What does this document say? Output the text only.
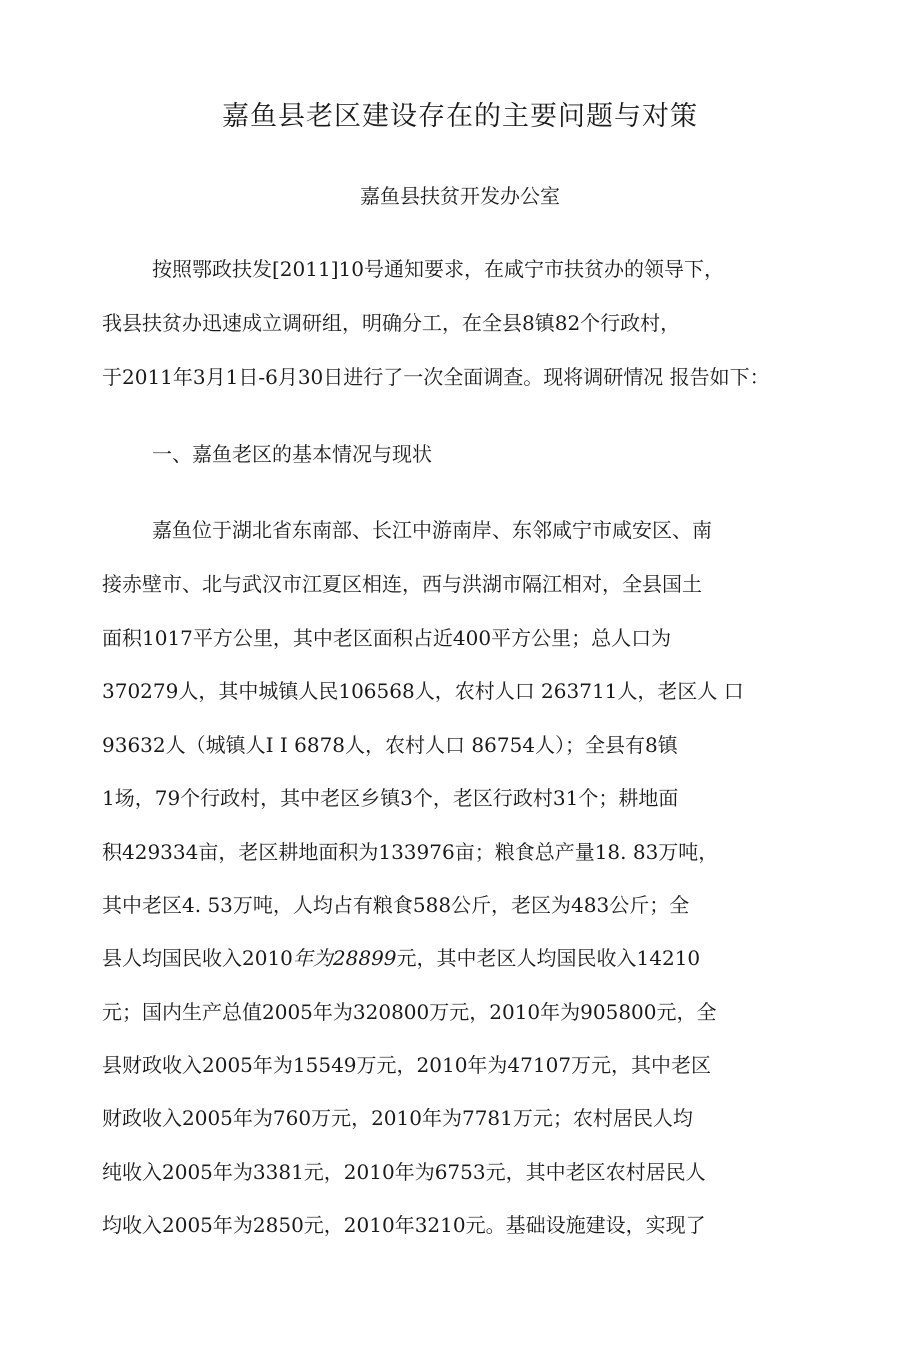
嘉鱼县老区建设存在的主要问题与对策
嘉鱼县扶贫开发办公室
按照鄂政扶发[2011]10号通知要求，在咸宁市扶贫办的领导下，
我县扶贫办迅速成立调研组，明确分工，在全县8镇82个行政村，
于2011年3月1日-6月30日进行了一次全面调查。现将调研情况 报告如下：
一、嘉鱼老区的基本情况与现状
嘉鱼位于湖北省东南部、长江中游南岸、东邻咸宁市咸安区、南
接赤壁市、北与武汉市江夏区相连，西与洪湖市隔江相对，全县国土
面积1017平方公里，其中老区面积占近400平方公里；总人口为
370279人，其中城镇人民106568人，农村人口 263711人，老区人 口
93632人（城镇人I I 6878人，农村人口 86754人）；全县有8镇
1场，79个行政村，其中老区乡镇3个，老区行政村31个；耕地面
积429334亩，老区耕地面积为133976亩；粮食总产量18. 83万吨，
其中老区4. 53万吨，人均占有粮食588公斤，老区为483公斤；全
县人均国民收入2010年为28899元，其中老区人均国民收入14210
元；国内生产总值2005年为320800万元，2010年为905800元，全
县财政收入2005年为15549万元，2010年为47107万元，其中老区
财政收入2005年为760万元，2010年为7781万元；农村居民人均
纯收入2005年为3381元，2010年为6753元，其中老区农村居民人
均收入2005年为2850元，2010年3210元。基础设施建设，实现了
